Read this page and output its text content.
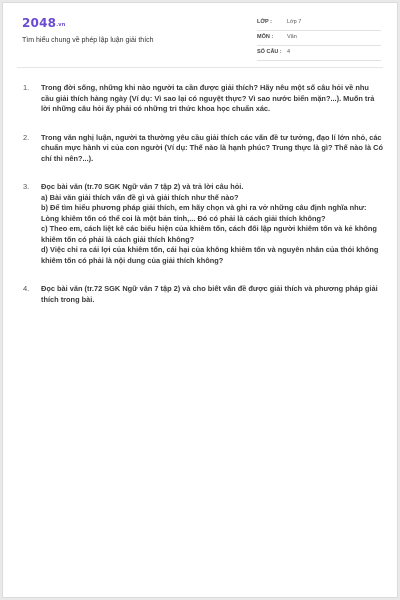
2048.vn
Tìm hiểu chung về phép lập luận giải thích
LỚP :	Lớp 7
MÔN :	Văn
SỐ CÂU : 4
1. Trong đời sống, những khi nào người ta cần được giải thích? Hãy nêu một số câu hỏi về nhu cầu giải thích hàng ngày (Ví dụ: Vì sao lại có nguyệt thực? Vì sao nước biển mặn?...). Muốn trả lời những câu hỏi ấy phải có những tri thức khoa học chuẩn xác.
2. Trong văn nghị luận, người ta thường yêu cầu giải thích các vấn đề tư tưởng, đạo lí lớn nhỏ, các chuẩn mực hành vi của con người (Ví dụ: Thế nào là hạnh phúc? Trung thực là gì? Thế nào là Có chí thì nên?...).
3. Đọc bài văn (tr.70 SGK Ngữ văn 7 tập 2) và trả lời câu hỏi.
a) Bài văn giải thích vấn đề gì và giải thích như thế nào?
b) Để tìm hiểu phương pháp giải thích, em hãy chọn và ghi ra vở những câu định nghĩa như: Lòng khiêm tốn có thể coi là một bản tính,... Đó có phải là cách giải thích không?
c) Theo em, cách liệt kê các biểu hiện của khiêm tốn, cách đối lập người khiêm tốn và kẻ không khiêm tốn có phải là cách giải thích không?
d) Việc chỉ ra cái lợi của khiêm tốn, cái hại của không khiêm tốn và nguyên nhân của thói không khiêm tốn có phải là nội dung của giải thích không?
4. Đọc bài văn (tr.72 SGK Ngữ văn 7 tập 2) và cho biết vấn đề được giải thích và phương pháp giải thích trong bài.
